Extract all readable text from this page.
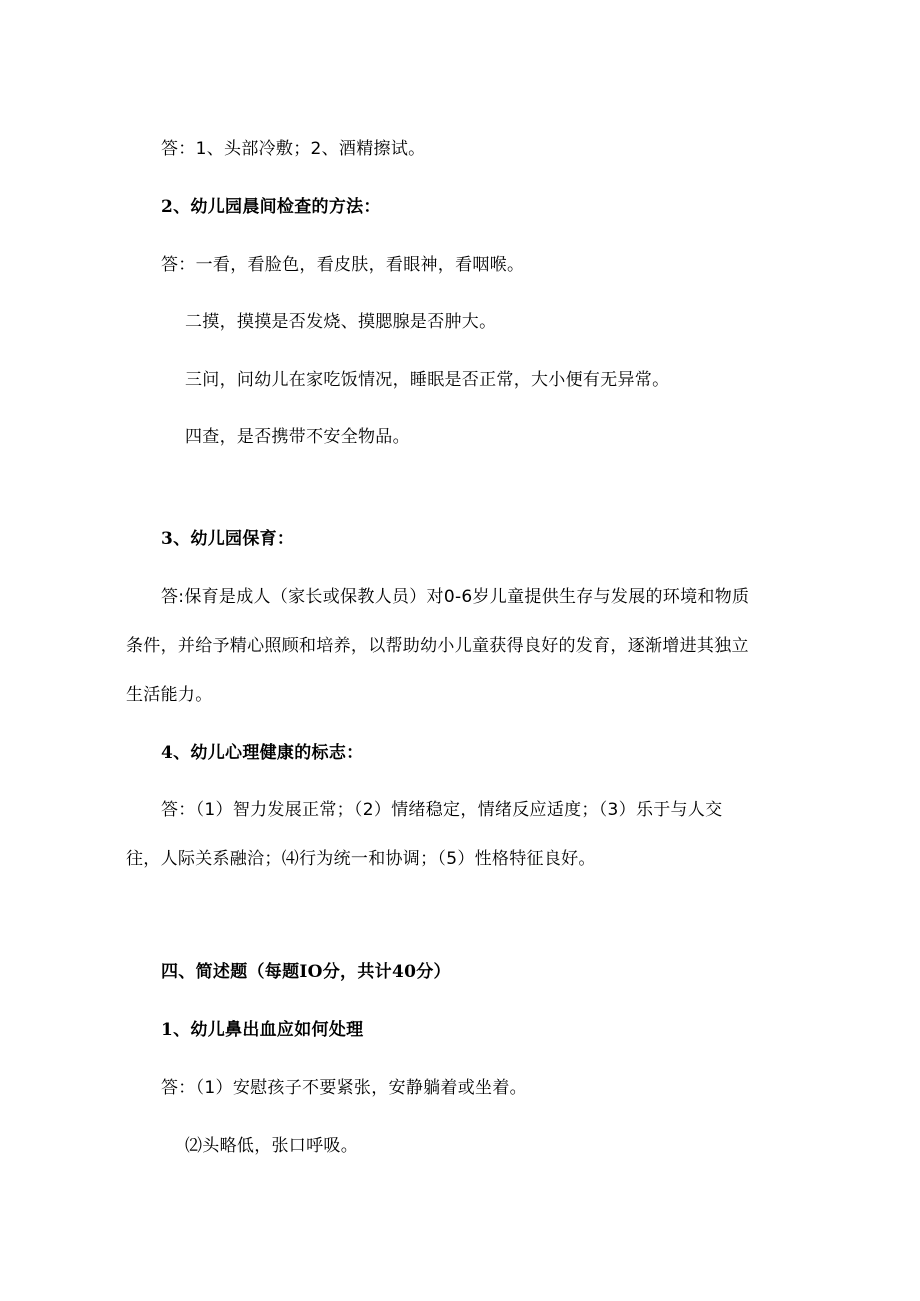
答：1、头部冷敷；2、酒精擦试。
2、幼儿园晨间检查的方法：
答：一看，看脸色，看皮肤，看眼神，看咽喉。
二摸，摸摸是否发烧、摸腮腺是否肿大。
三问，问幼儿在家吃饭情况，睡眠是否正常，大小便有无异常。
四查，是否携带不安全物品。
3、幼儿园保育：
答:保育是成人（家长或保教人员）对0-6岁儿童提供生存与发展的环境和物质
条件，并给予精心照顾和培养，以帮助幼小儿童获得良好的发育，逐渐增进其独立
生活能力。
4、幼儿心理健康的标志：
答：（1）智力发展正常；（2）情绪稳定，情绪反应适度；（3）乐于与人交
往，人际关系融洽；⑷行为统一和协调；（5）性格特征良好。
四、简述题（每题IO分，共计40分）
1、幼儿鼻出血应如何处理
答：（1）安慰孩子不要紧张，安静躺着或坐着。
⑵头略低，张口呼吸。
